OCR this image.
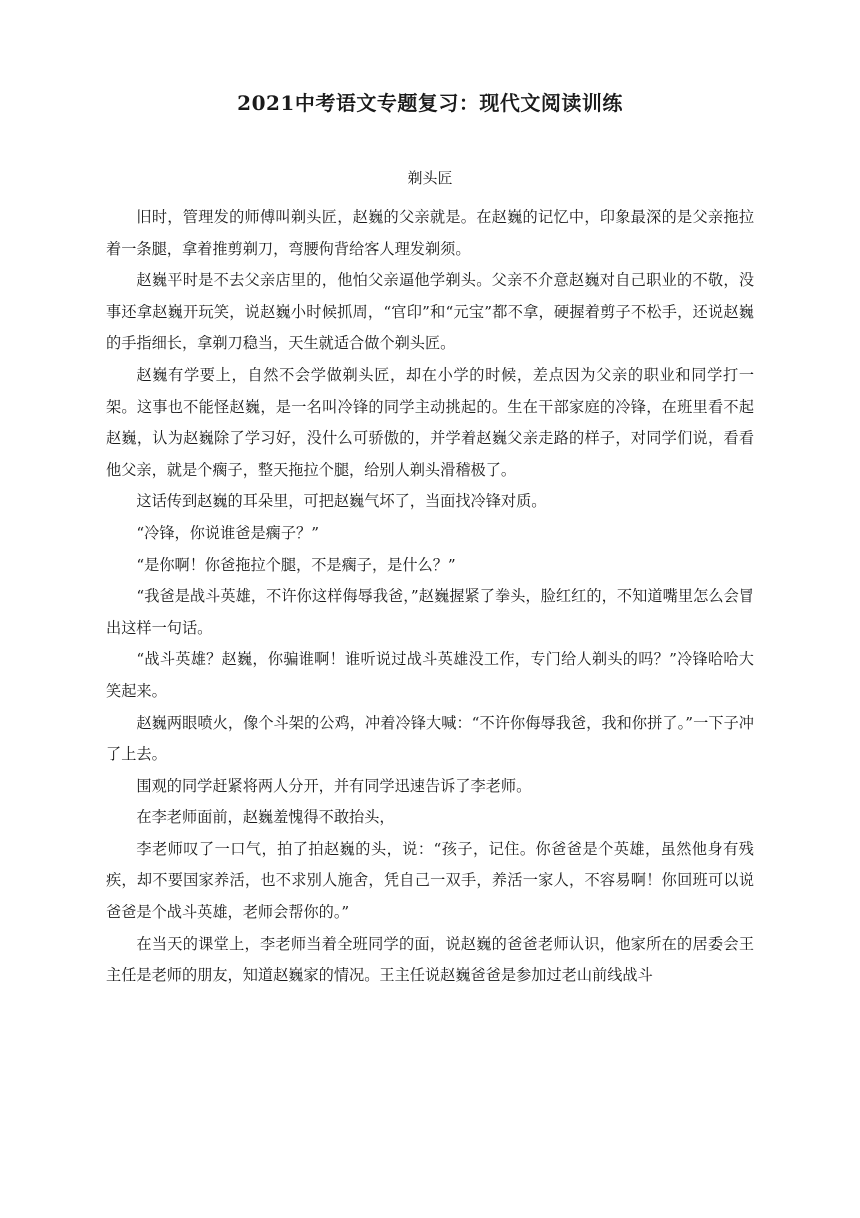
2021中考语文专题复习：现代文阅读训练
剃头匠

旧时，管理发的师傅叫剃头匠，赵巍的父亲就是。在赵巍的记忆中，印象最深的是父亲拖拉着一条腿，拿着推剪剃刀，弯腰佝背给客人理发剃须。

赵巍平时是不去父亲店里的，他怕父亲逼他学剃头。父亲不介意赵巍对自己职业的不敬，没事还拿赵巍开玩笑，说赵巍小时候抓周，“官印”和“元宝”都不拿，硬握着剪子不松手，还说赵巍的手指细长，拿剃刀稳当，天生就适合做个剃头匠。

赵巍有学要上，自然不会学做剃头匠，却在小学的时候，差点因为父亲的职业和同学打一架。这事也不能怪赵巍，是一名叫冷锋的同学主动挑起的。生在干部家庭的冷锋，在班里看不起赵巍，认为赵巍除了学习好，没什么可骄傲的，并学着赵巍父亲走路的样子，对同学们说，看看他父亲，就是个瘸子，整天拖拉个腿，给别人剃头滑稽极了。

这话传到赵巍的耳朵里，可把赵巍气坏了，当面找冷锋对质。

“冷锋，你说谁爸是瘸子？”

“是你啊！你爸拖拉个腿，不是瘸子，是什么？”

“我爸是战斗英雄，不许你这样侮辱我爸，”赵巍握紧了拳头，脸红红的，不知道嘴里怎么会冒出这样一句话。

“战斗英雄？赵巍，你骗谁啊！谁听说过战斗英雄没工作，专门给人剃头的吗？”冷锋哈哈大笑起来。

赵巍两眼喷火，像个斗架的公鸡，冲着冷锋大喊：“不许你侮辱我爸，我和你拼了。”一下子冲了上去。

围观的同学赶紧将两人分开，并有同学迅速告诉了李老师。

在李老师面前，赵巍羞愧得不敢抬头，

李老师叹了一口气，拍了拍赵巍的头，说：“孩子，记住。你爸爸是个英雄，虽然他身有残疾，却不要国家养活，也不求别人施舍，凭自己一双手，养活一家人，不容易啊！你回班可以说爸爸是个战斗英雄，老师会帮你的。”

在当天的课堂上，李老师当着全班同学的面，说赵巍的爸爸老师认识，他家所在的居委会王主任是老师的朋友，知道赵巍家的情况。王主任说赵巍爸爸是参加过老山前线战斗
